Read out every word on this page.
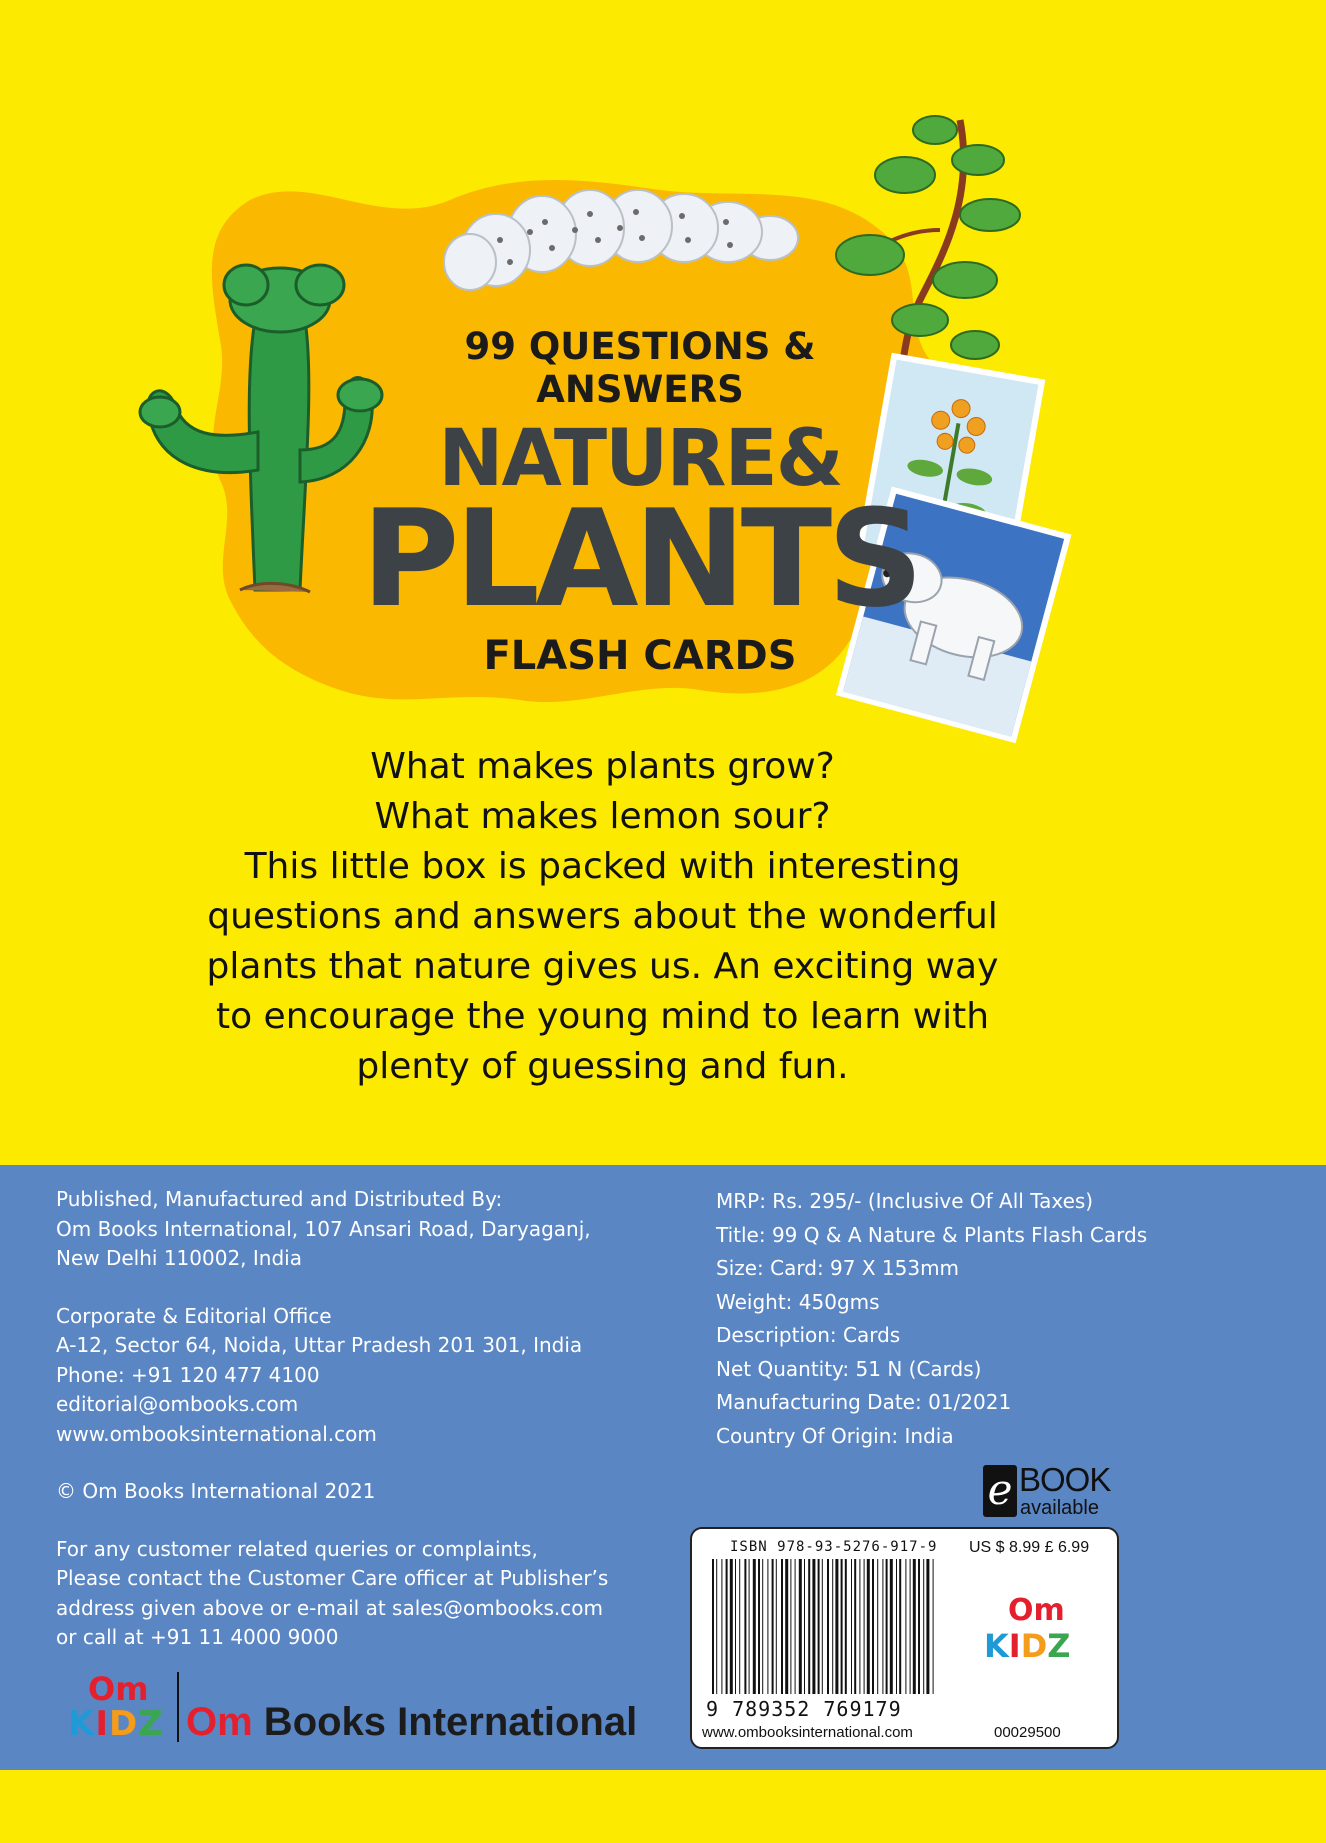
99 QUESTIONS & ANSWERS
NATURE&
PLANTS
FLASH CARDS
What makes plants grow?
What makes lemon sour?
This little box is packed with interesting
questions and answers about the wonderful
plants that nature gives us. An exciting way
to encourage the young mind to learn with
plenty of guessing and fun.
Published, Manufactured and Distributed By:
Om Books International, 107 Ansari Road, Daryaganj,
New Delhi 110002, India
Corporate & Editorial Office
A-12, Sector 64, Noida, Uttar Pradesh 201 301, India
Phone: +91 120 477 4100
editorial@ombooks.com
www.ombooksinternational.com
© Om Books International 2021
For any customer related queries or complaints,
Please contact the Customer Care officer at Publisher’s
address given above or e-mail at sales@ombooks.com
or call at +91 11 4000 9000
MRP: Rs. 295/- (Inclusive Of All Taxes)
Title: 99 Q & A Nature & Plants Flash Cards
Size: Card: 97 X 153mm
Weight: 450gms
Description: Cards
Net Quantity: 51 N (Cards)
Manufacturing Date: 01/2021
Country Of Origin: India
e BOOK
available
ISBN 978-93-5276-917-9 US $ 8.99 £ 6.99
9 789352 769179
www.ombooksinternational.com	00029500
Om
KIDZ
Om
KIDZ Om Books International
